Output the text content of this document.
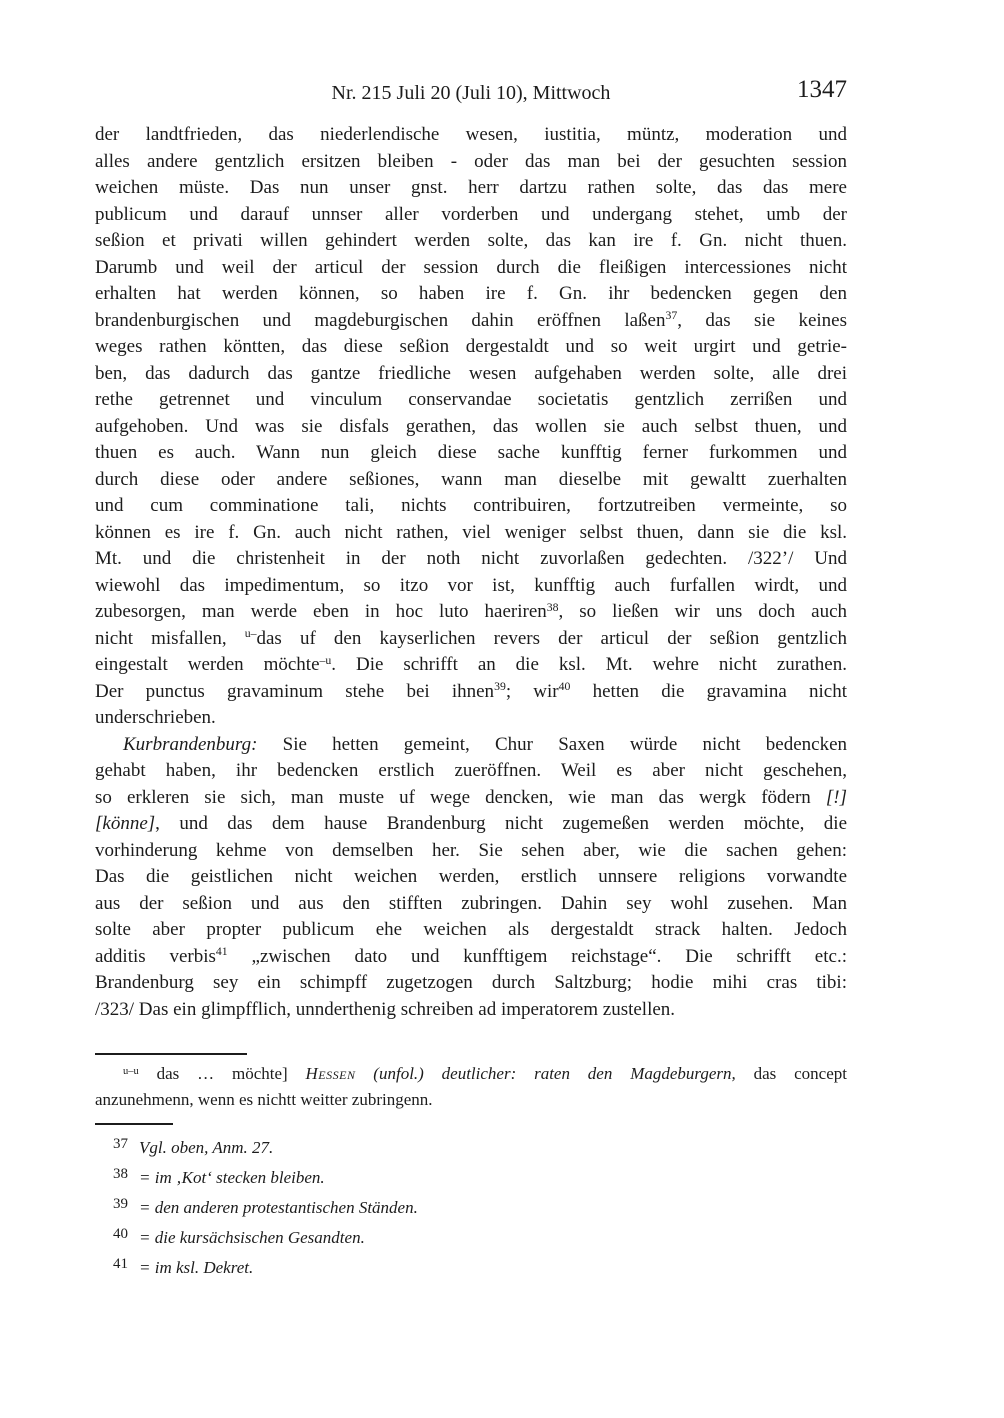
Nr. 215 Juli 20 (Juli 10), Mittwoch	1347
der landtfrieden, das niederlendische wesen, iustitia, müntz, moderation und
alles andere gentzlich ersitzen bleiben - oder das man bei der gesuchten session
weichen müste. Das nun unser gnst. herr dartzu rathen solte, das das mere
publicum und darauf unnser aller vorderben und undergang stehet, umb der
seßion et privati willen gehindert werden solte, das kan ire f. Gn. nicht thuen.
Darumb und weil der articul der session durch die fleißigen intercessiones nicht
erhalten hat werden können, so haben ire f. Gn. ihr bedencken gegen den
brandenburgischen und magdeburgischen dahin eröffnen laßen$^{37}$, das sie keines
weges rathen köntten, das diese seßion dergestaldt und so weit urgirt und getrie-
ben, das dadurch das gantze friedliche wesen aufgehaben werden solte, alle drei
rethe getrennet und vinculum conservandae societatis gentzlich zerrißen und
aufgehoben. Und was sie disfals gerathen, das wollen sie auch selbst thuen, und
thuen es auch. Wann nun gleich diese sache kunfftig ferner furkommen und
durch diese oder andere seßiones, wann man dieselbe mit gewaltt zuerhalten
und cum comminatione tali, nichts contribuiren, fortzutreiben vermeinte, so
können es ire f. Gn. auch nicht rathen, viel weniger selbst thuen, dann sie die ksl.
Mt. und die christenheit in der noth nicht zuvorlaßen gedechten. /322’/ Und
wiewohl das impedimentum, so itzo vor ist, kunfftig auch furfallen wirdt, und
zubesorgen, man werde eben in hoc luto haeriren$^{38}$, so ließen wir uns doch auch
nicht misfallen, $^{u-}$das uf den kayserlichen revers der articul der seßion gentzlich
eingestalt werden möchte$^{-u}$. Die schrifft an die ksl. Mt. wehre nicht zurathen.
Der punctus gravaminum stehe bei ihnen$^{39}$; wir$^{40}$ hetten die gravamina nicht
underschrieben.
Kurbrandenburg: Sie hetten gemeint, Chur Saxen würde nicht bedencken
gehabt haben, ihr bedencken erstlich zueröffnen. Weil es aber nicht geschehen,
so erkleren sie sich, man muste uf wege dencken, wie man das wergk födern [!]
[könne], und das dem hause Brandenburg nicht zugemeßen werden möchte, die
vorhinderung kehme von demselben her. Sie sehen aber, wie die sachen gehen:
Das die geistlichen nicht weichen werden, erstlich unnsere religions vorwandte
aus der seßion und aus den stifften zubringen. Dahin sey wohl zusehen. Man
solte aber propter publicum ehe weichen als dergestaldt strack halten. Jedoch
additis verbis$^{41}$ „zwischen dato und kunfftigem reichstage“. Die schrifft etc.:
Brandenburg sey ein schimpff zugetzogen durch Saltzburg; hodie mihi cras tibi:
/323/ Das ein glimpfflich, unnderthenig schreiben ad imperatorem zustellen.
$^{u-u}$ das … möchte] Hessen (unfol.) deutlicher: raten den Magdeburgern, das concept
anzunehmenn, wenn es nichtt weitter zubringenn.
37 Vgl. oben, Anm. 27.
38 = im ‚Kot‘ stecken bleiben.
39 = den anderen protestantischen Ständen.
40 = die kursächsischen Gesandten.
41 = im ksl. Dekret.
